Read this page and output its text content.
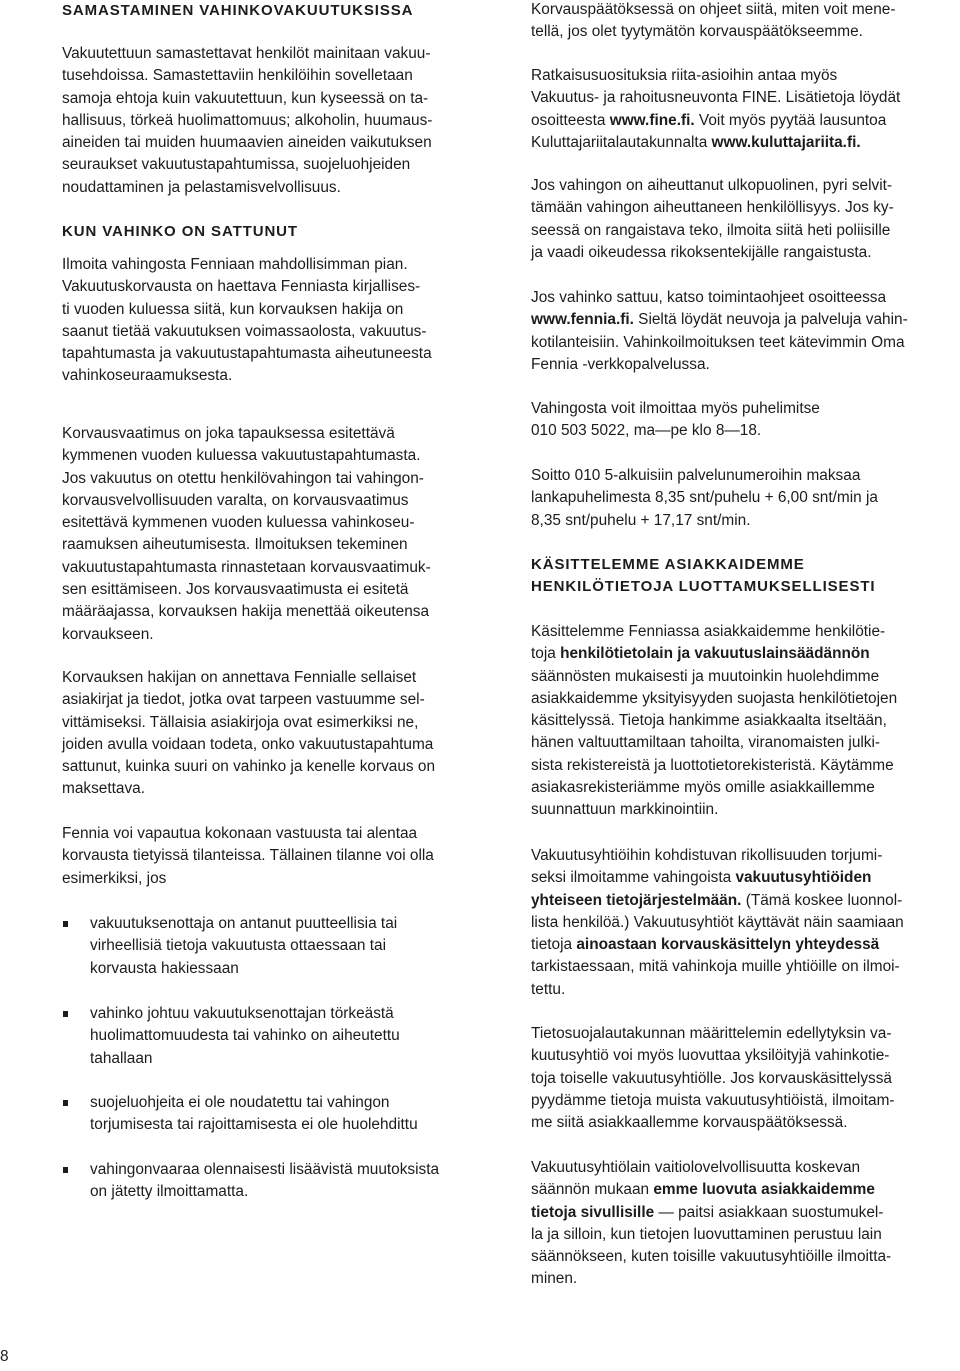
SAMASTAMINEN VAHINKOVAKUUTUKSISSA
Vakuutettuun samastettavat henkilöt mainitaan vakuu-
tusehdoissa. Samastettaviin henkilöihin sovelletaan
samoja ehtoja kuin vakuutettuun, kun kyseessä on ta-
hallisuus, törkeä huolimattomuus; alkoholin, huumaus-
aineiden tai muiden huumaavien aineiden vaikutuksen
seuraukset vakuutustapahtumissa, suojeluohjeiden
noudattaminen ja pelastamisvelvollisuus.
KUN VAHINKO ON SATTUNUT
Ilmoita vahingosta Fenniaan mahdollisimman pian.
Vakuutuskorvausta on haettava Fenniasta kirjallises-
ti vuoden kuluessa siitä, kun korvauksen hakija on
saanut tietää vakuutuksen voimassaolosta, vakuutus-
tapahtumasta ja vakuutustapahtumasta aiheutuneesta
vahinkoseuraamuksesta.
Korvausvaatimus on joka tapauksessa esitettävä
kymmenen vuoden kuluessa vakuutustapahtumasta.
Jos vakuutus on otettu henkilövahingon tai vahingon-
korvausvelvollisuuden varalta, on korvausvaatimus
esitettävä kymmenen vuoden kuluessa vahinkoseu-
raamuksen aiheutumisesta. Ilmoituksen tekeminen
vakuutustapahtumasta rinnastetaan korvausvaatimuk-
sen esittämiseen. Jos korvausvaatimusta ei esitetä
määräajassa, korvauksen hakija menettää oikeutensa
korvaukseen.
Korvauksen hakijan on annettava Fennialle sellaiset
asiakirjat ja tiedot, jotka ovat tarpeen vastuumme sel-
vittämiseksi. Tällaisia asiakirjoja ovat esimerkiksi ne,
joiden avulla voidaan todeta, onko vakuutustapahtuma
sattunut, kuinka suuri on vahinko ja kenelle korvaus on
maksettava.
Fennia voi vapautua kokonaan vastuusta tai alentaa
korvausta tietyissä tilanteissa. Tällainen tilanne voi olla
esimerkiksi, jos
vakuutuksenottaja on antanut puutteellisia tai
virheellisiä tietoja vakuutusta ottaessaan tai
korvausta hakiessaan
vahinko johtuu vakuutuksenottajan törkeästä
huolimattomuudesta tai vahinko on aiheutettu
tahallaan
suojeluohjeita ei ole noudatettu tai vahingon
torjumisesta tai rajoittamisesta ei ole huolehdittu
vahingonvaaraa olennaisesti lisäävistä muutoksista
on jätetty ilmoittamatta.
Korvauspäätöksessä on ohjeet siitä, miten voit mene-
tellä, jos olet tyytymätön korvauspäätökseemme.
Ratkaisusuosituksia riita-asioihin antaa myös
Vakuutus- ja rahoitusneuvonta FINE. Lisätietoja löydät
osoitteesta www.fine.fi. Voit myös pyytää lausuntoa
Kuluttajariitalautakunnalta www.kuluttajariita.fi.
Jos vahingon on aiheuttanut ulkopuolinen, pyri selvit-
tämään vahingon aiheuttaneen henkilöllisyys. Jos ky-
seessä on rangaistava teko, ilmoita siitä heti poliisille
ja vaadi oikeudessa rikoksentekijälle rangaistusta.
Jos vahinko sattuu, katso toimintaohjeet osoitteessa
www.fennia.fi. Sieltä löydät neuvoja ja palveluja vahin-
kotilanteisiin. Vahinkoilmoituksen teet kätevimmin Oma
Fennia -verkkopalvelussa.
Vahingosta voit ilmoittaa myös puhelimitse
010 503 5022, ma—pe klo 8—18.
Soitto 010 5-alkuisiin palvelunumeroihin maksaa
lankapuhelimesta 8,35 snt/puhelu + 6,00 snt/min ja
8,35 snt/puhelu + 17,17 snt/min.
KÄSITTELEMME ASIAKKAIDEMME
HENKILÖTIETOJA LUOTTAMUKSELLISESTI
Käsittelemme Fenniassa asiakkaidemme henkilötie-
toja henkilötietolain ja vakuutuslainsäädännön
säännösten mukaisesti ja muutoinkin huolehdimme
asiakkaidemme yksityisyyden suojasta henkilötietojen
käsittelyssä. Tietoja hankimme asiakkaalta itseltään,
hänen valtuuttamiltaan tahoilta, viranomaisten julki-
sista rekistereistä ja luottotietorekisteristä. Käytämme
asiakasrekisteriämme myös omille asiakkaillemme
suunnattuun markkinointiin.
Vakuutusyhtiöihin kohdistuvan rikollisuuden torjumi-
seksi ilmoitamme vahingoista vakuutusyhtiöiden
yhteiseen tietojärjestelmään. (Tämä koskee luonnol-
lista henkilöä.) Vakuutusyhtiöt käyttävät näin saamiaan
tietoja ainoastaan korvauskäsittelyn yhteydessä
tarkistaessaan, mitä vahinkoja muille yhtiöille on ilmoi-
tettu.
Tietosuojalautakunnan määrittelemin edellytyksin va-
kuutusyhtiö voi myös luovuttaa yksilöityjä vahinkotie-
toja toiselle vakuutusyhtiölle. Jos korvauskäsittelyssä
pyydämme tietoja muista vakuutusyhtiöistä, ilmoitam-
me siitä asiakkaallemme korvauspäätöksessä.
Vakuutusyhtiölain vaitiolovelvollisuutta koskevan
säännön mukaan emme luovuta asiakkaidemme
tietoja sivullisille — paitsi asiakkaan suostumukel-
la ja silloin, kun tietojen luovuttaminen perustuu lain
säännökseen, kuten toisille vakuutusyhtiöille ilmoitta-
minen.
8
